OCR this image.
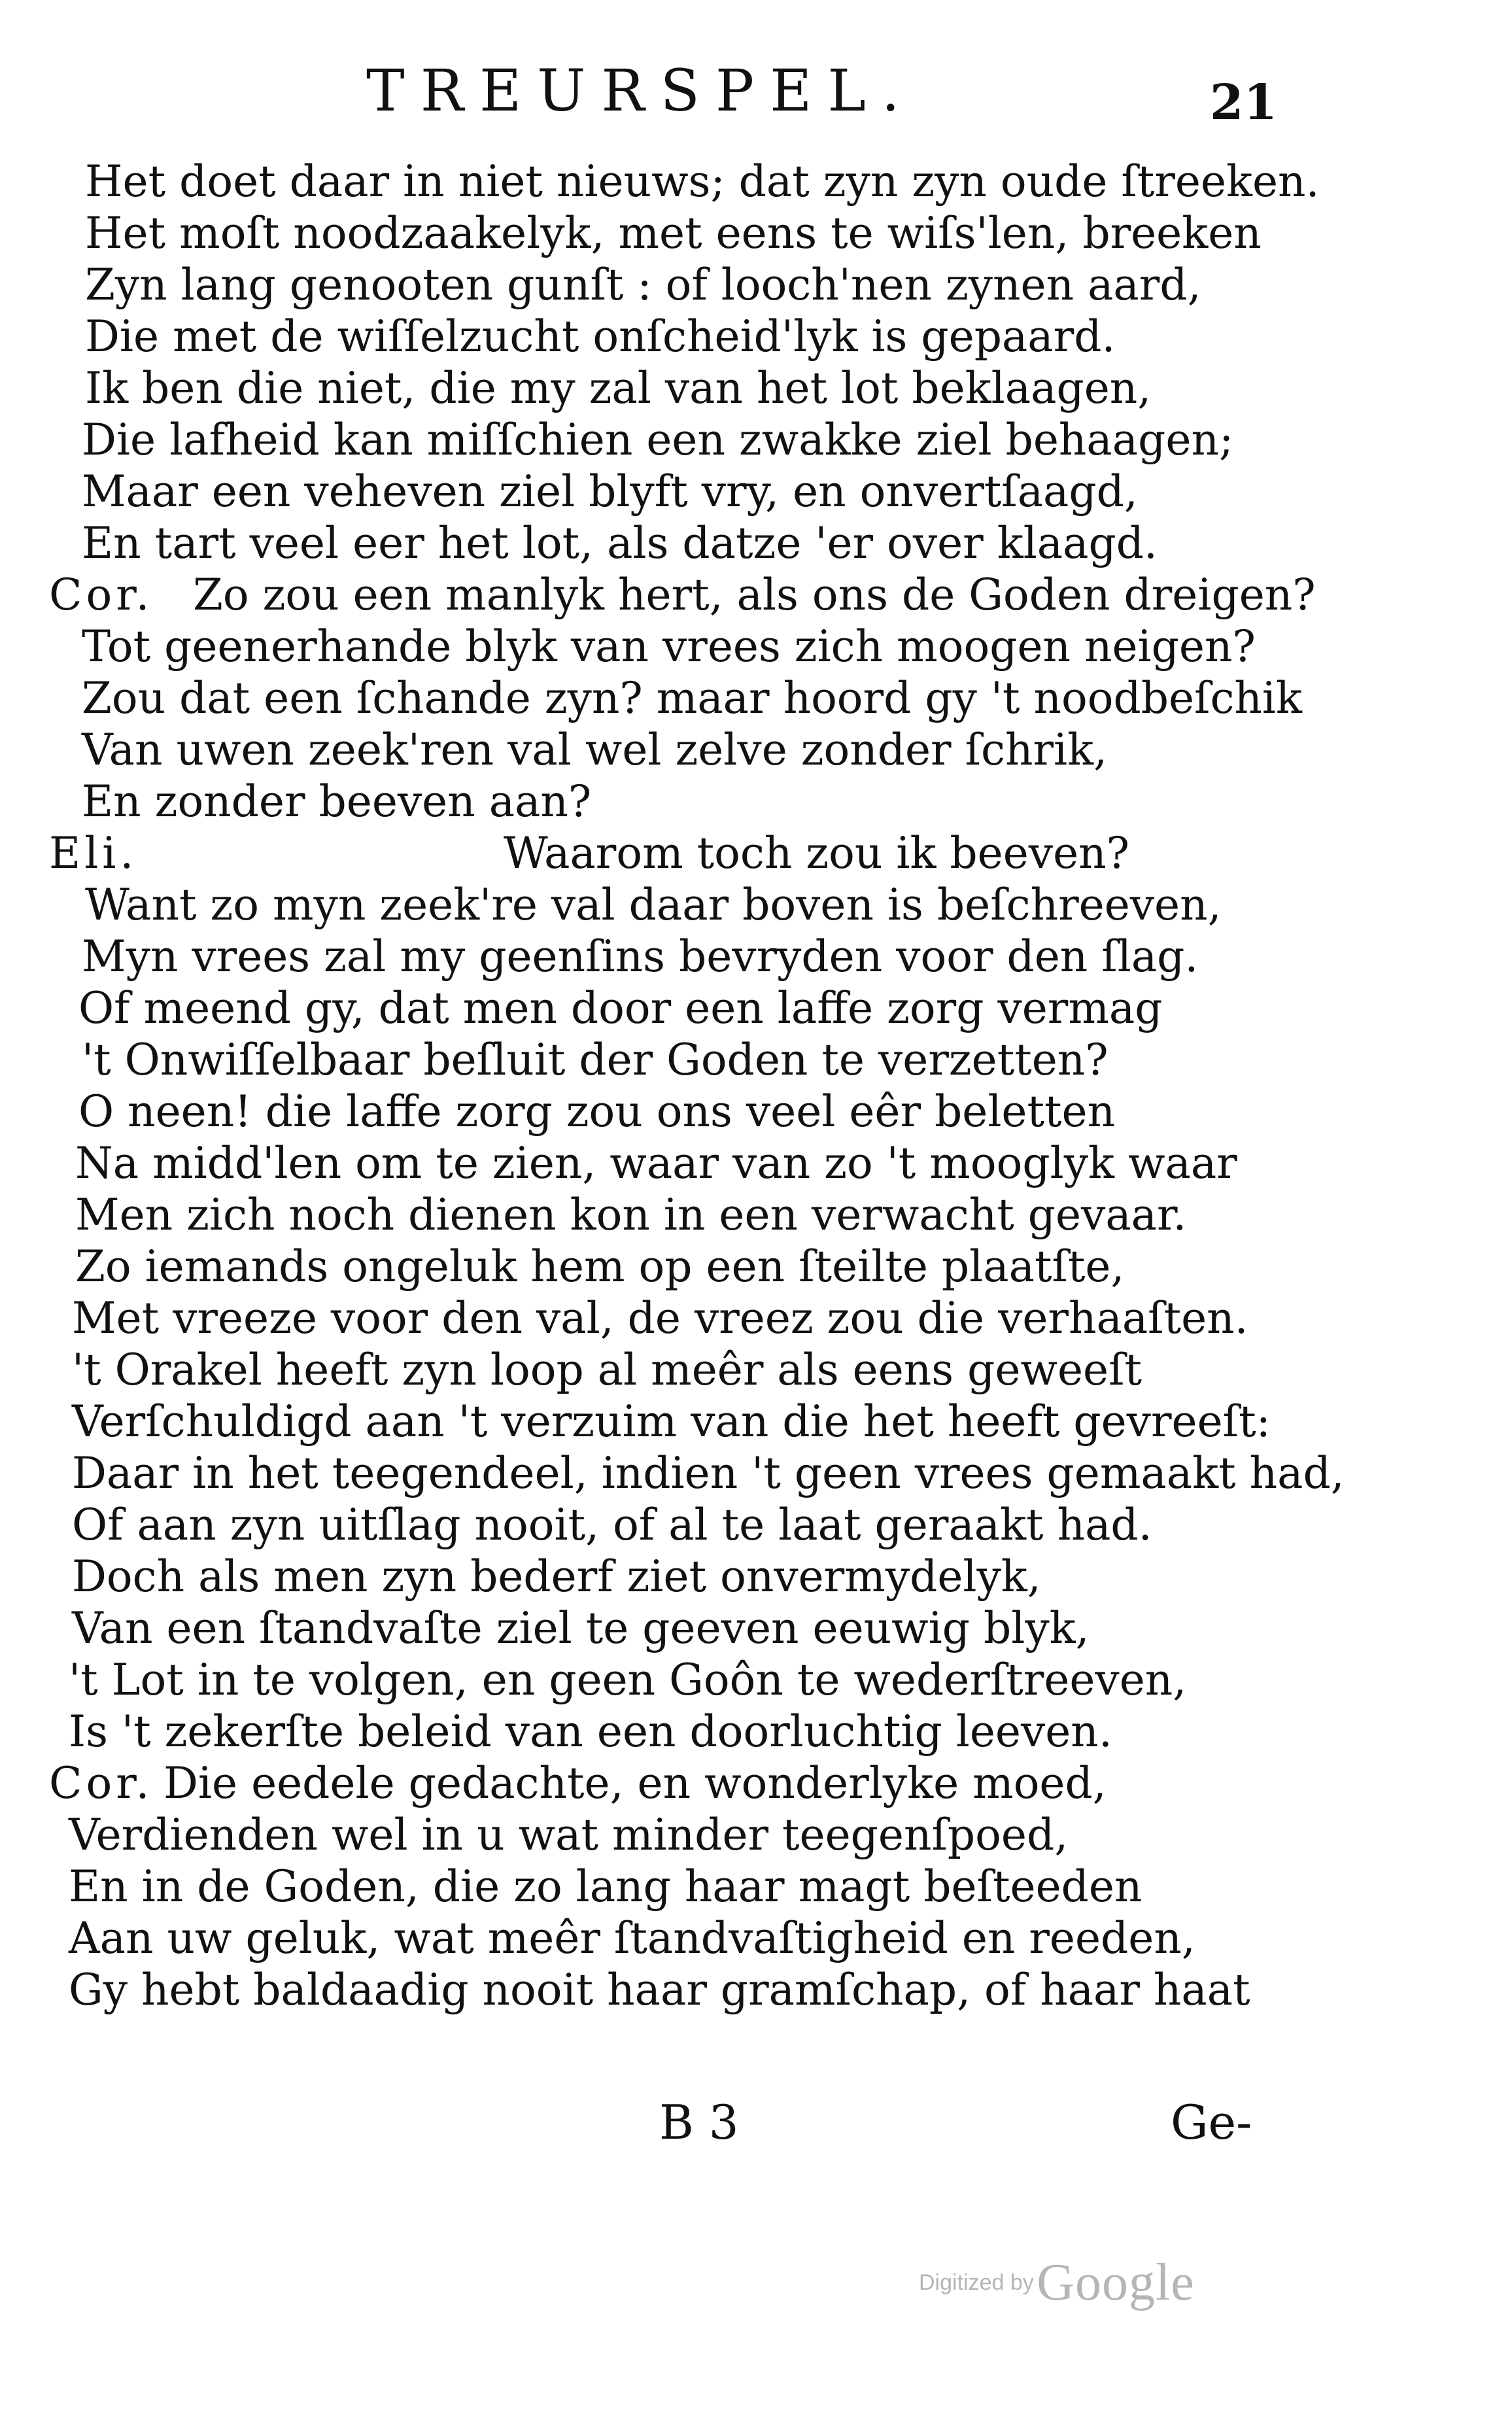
TREURSPEL.	21
Het doet daar in niet nieuws; dat zyn zyn oude ſtreeken.
Het moſt noodzaakelyk, met eens te wiſs'len, breeken
Zyn lang genooten gunſt : of looch'nen zynen aard,
Die met de wiſſelzucht onſcheid'lyk is gepaard.
Ik ben die niet, die my zal van het lot beklaagen,
Die lafheid kan miſſchien een zwakke ziel behaagen;
Maar een veheven ziel blyft vry, en onvertſaagd,
En tart veel eer het lot, als datze 'er over klaagd.
Cor. Zo zou een manlyk hert, als ons de Goden dreigen?
Tot geenerhande blyk van vrees zich moogen neigen?
Zou dat een ſchande zyn? maar hoord gy 't noodbeſchik
Van uwen zeek'ren val wel zelve zonder ſchrik,
En zonder beeven aan?
Eli.	Waarom toch zou ik beeven?
Want zo myn zeek're val daar boven is beſchreeven,
Myn vrees zal my geenſins bevryden voor den ſlag.
Of meend gy, dat men door een laffe zorg vermag
't Onwiſſelbaar beſluit der Goden te verzetten?
O neen! die laffe zorg zou ons veel eêr beletten
Na midd'len om te zien, waar van zo 't mooglyk waar
Men zich noch dienen kon in een verwacht gevaar.
Zo iemands ongeluk hem op een ſteilte plaatſte,
Met vreeze voor den val, de vreez zou die verhaaſten.
't Orakel heeft zyn loop al meêr als eens geweeſt
Verſchuldigd aan 't verzuim van die het heeft gevreeſt:
Daar in het teegendeel, indien 't geen vrees gemaakt had,
Of aan zyn uitſlag nooit, of al te laat geraakt had.
Doch als men zyn bederf ziet onvermydelyk,
Van een ſtandvaſte ziel te geeven eeuwig blyk,
't Lot in te volgen, en geen Goôn te wederſtreeven,
Is 't zekerſte beleid van een doorluchtig leeven.
Cor. Die eedele gedachte, en wonderlyke moed,
Verdienden wel in u wat minder teegenſpoed,
En in de Goden, die zo lang haar magt beſteeden
Aan uw geluk, wat meêr ſtandvaſtigheid en reeden,
Gy hebt baldaadig nooit haar gramſchap, of haar haat
B 3	Ge-
Digitized by Google
